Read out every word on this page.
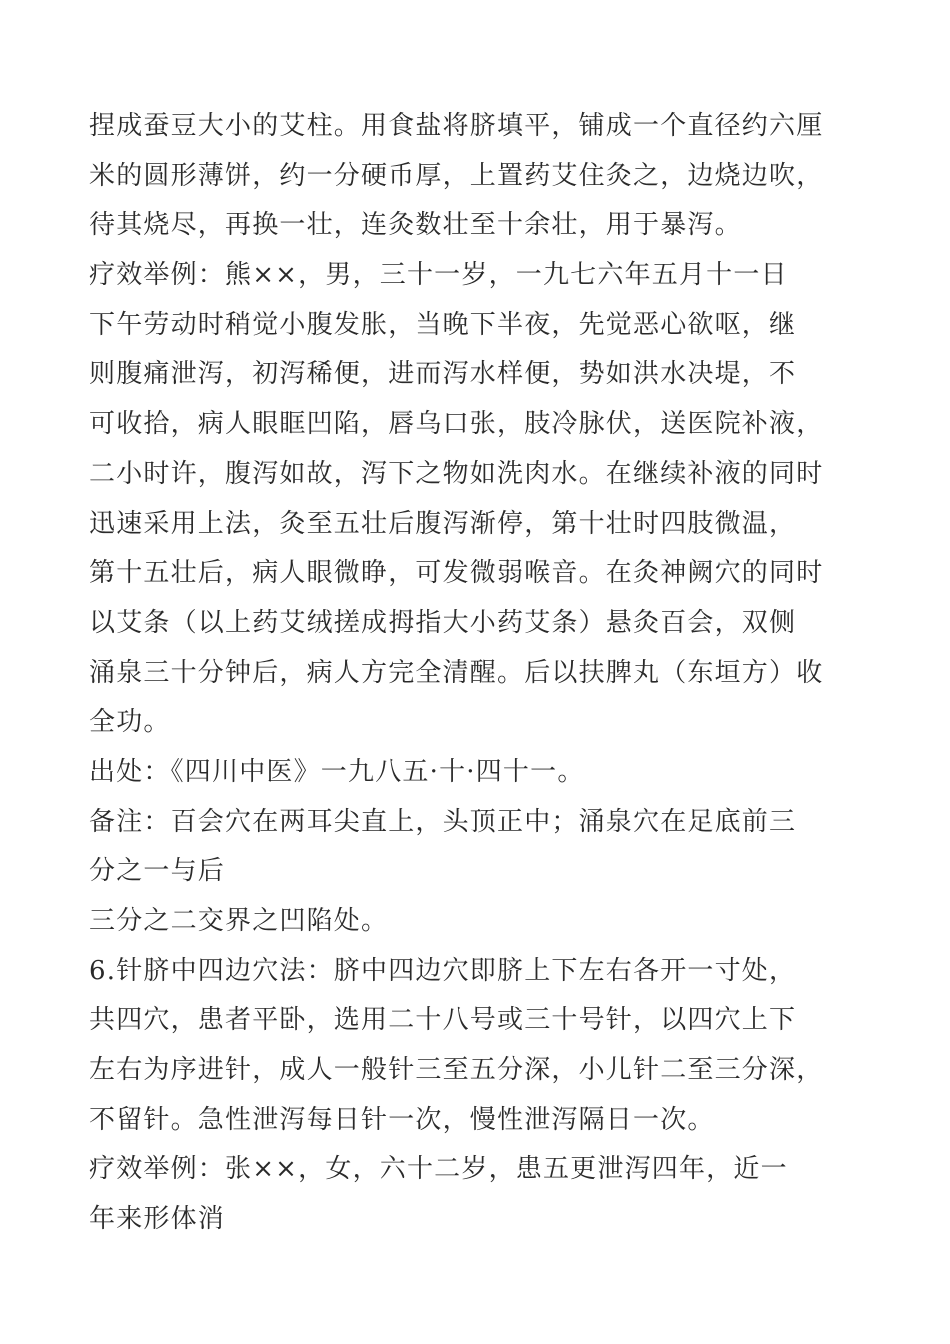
捏成蚕豆大小的艾柱。用食盐将脐填平，铺成一个直径约六厘
米的圆形薄饼，约一分硬币厚，上置药艾住灸之，边烧边吹，
待其烧尽，再换一壮，连灸数壮至十余壮，用于暴泻。
疗效举例：熊××，男，三十一岁，一九七六年五月十一日
下午劳动时稍觉小腹发胀，当晚下半夜，先觉恶心欲呕，继
则腹痛泄泻，初泻稀便，进而泻水样便，势如洪水决堤，不
可收拾，病人眼眶凹陷，唇乌口张，肢冷脉伏，送医院补液，
二小时许，腹泻如故，泻下之物如洗肉水。在继续补液的同时
迅速采用上法，灸至五壮后腹泻渐停，第十壮时四肢微温，
第十五壮后，病人眼微睁，可发微弱喉音。在灸神阙穴的同时
以艾条（以上药艾绒搓成拇指大小药艾条）悬灸百会，双侧
涌泉三十分钟后，病人方完全清醒。后以扶脾丸（东垣方）收
全功。
出处：《四川中医》一九八五·十·四十一。
备注：百会穴在两耳尖直上，头顶正中；涌泉穴在足底前三
分之一与后
三分之二交界之凹陷处。
6.针脐中四边穴法：脐中四边穴即脐上下左右各开一寸处，
共四穴，患者平卧，选用二十八号或三十号针，以四穴上下
左右为序进针，成人一般针三至五分深，小儿针二至三分深，
不留针。急性泄泻每日针一次，慢性泄泻隔日一次。
疗效举例：张××，女，六十二岁，患五更泄泻四年，近一
年来形体消
